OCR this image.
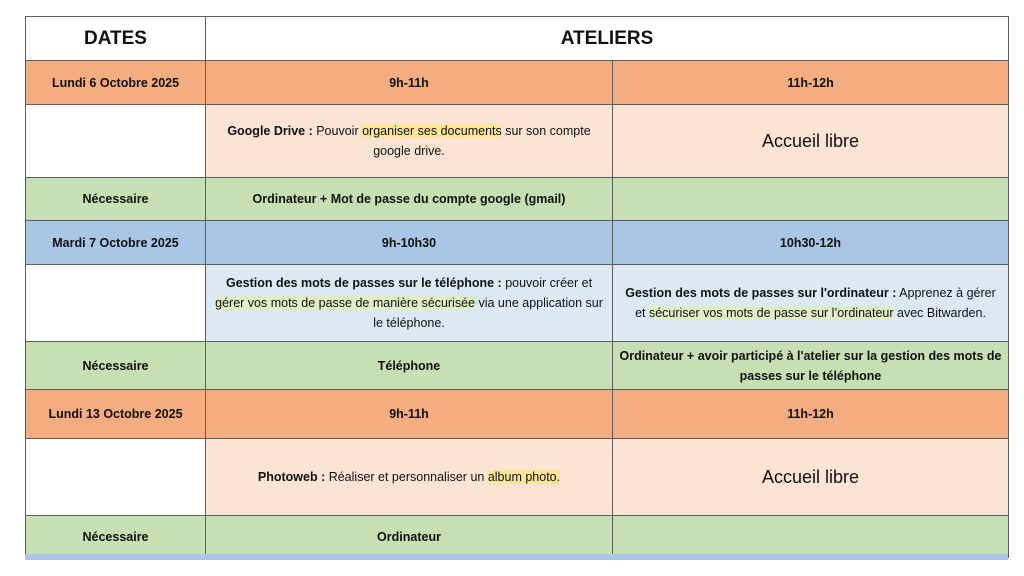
DATES	ATELIERS	
Lundi 6 Octobre 2025	9h-11h	11h-12h
	Google Drive : Pouvoir organiser ses documents sur son compte google drive.	Accueil libre
Nécessaire	Ordinateur + Mot de passe du compte google (gmail)	
Mardi 7 Octobre 2025	9h-10h30	10h30-12h
	Gestion des mots de passes sur le téléphone : pouvoir créer et gérer vos mots de passe de manière sécurisée via une application sur le téléphone.	Gestion des mots de passes sur l'ordinateur : Apprenez à gérer et sécuriser vos mots de passe sur l’ordinateur avec Bitwarden.
Nécessaire	Téléphone	Ordinateur + avoir participé à l'atelier sur la gestion des mots de passes sur le téléphone
Lundi 13 Octobre 2025	9h-11h	11h-12h
	Photoweb : Réaliser et personnaliser un album photo.	Accueil libre
Nécessaire	Ordinateur	
